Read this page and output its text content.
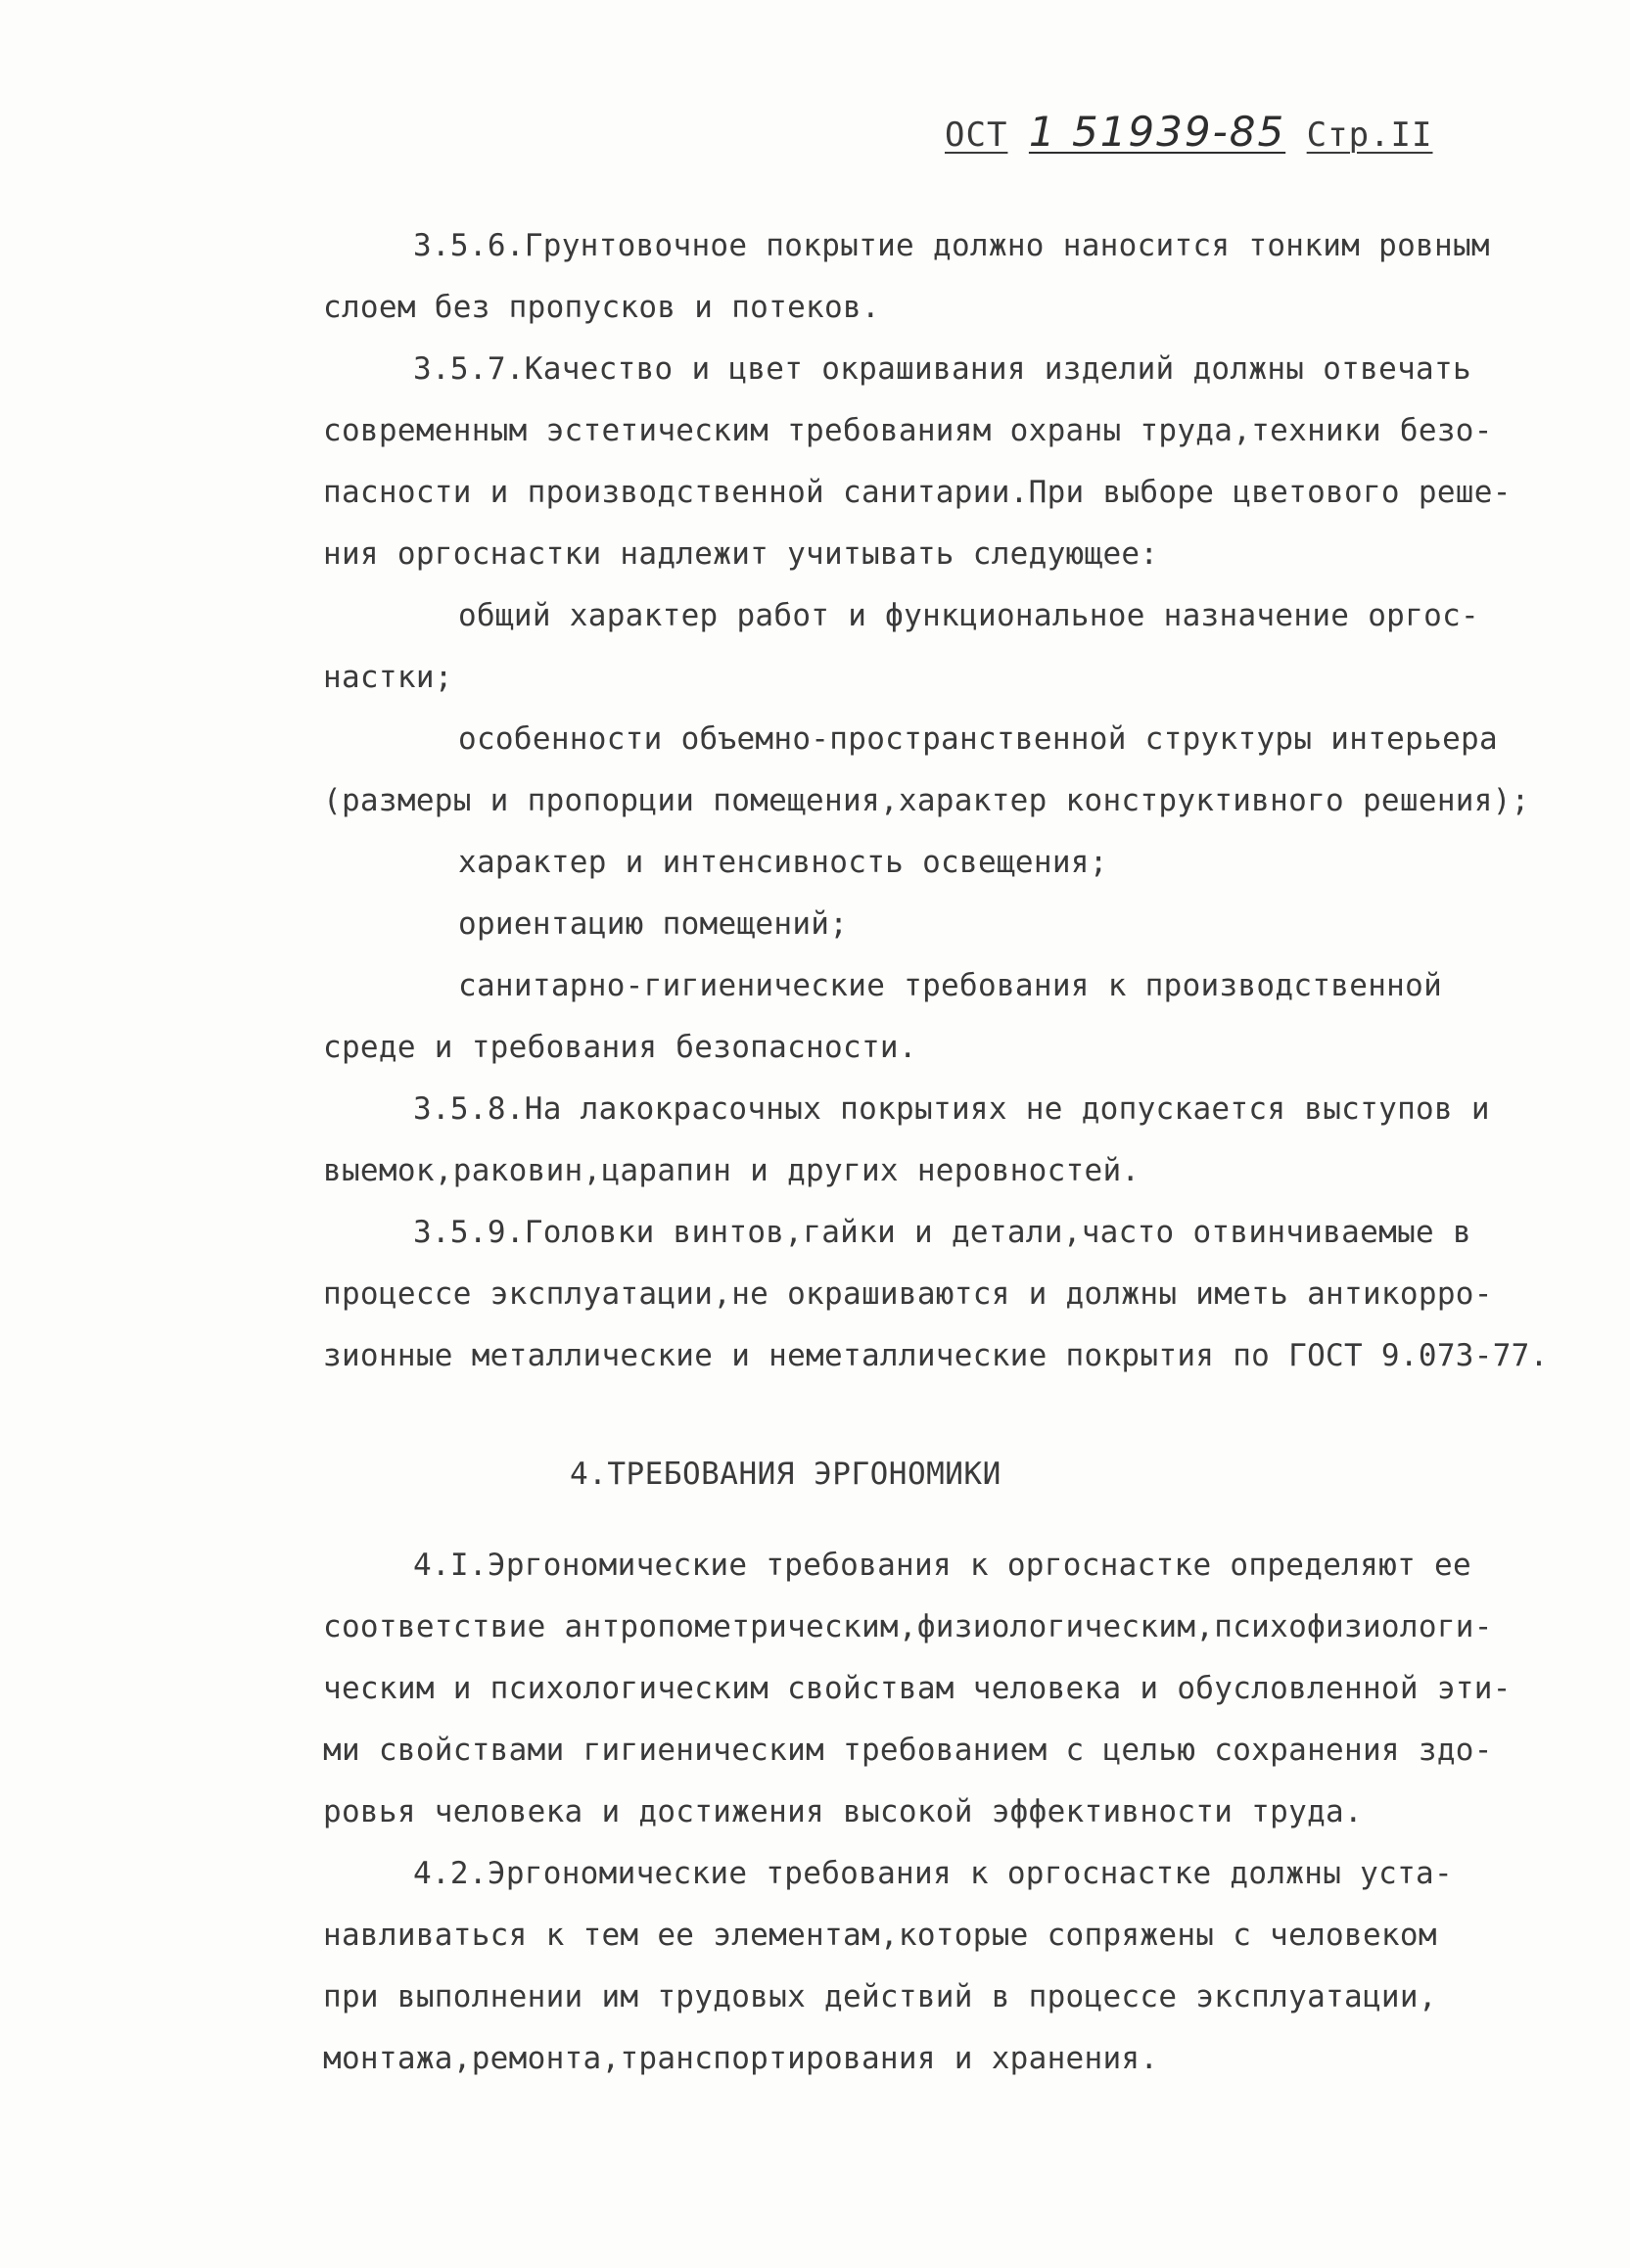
ОСТ 1 51939-85 Стр.II

3.5.6.Грунтовочное покрытие должно наносится тонким ровным

слоем без пропусков и потеков.

3.5.7.Качество и цвет окрашивания изделий должны отвечать

современным эстетическим требованиям охраны труда,техники безо-

пасности и производственной санитарии.При выборе цветового реше-

ния оргоснастки надлежит учитывать следующее:

общий характер работ и функциональное назначение оргос-

настки;

особенности объемно-пространственной структуры интерьера

(размеры и пропорции помещения,характер конструктивного решения);

характер и интенсивность освещения;

ориентацию помещений;

санитарно-гигиенические требования к производственной

среде и требования безопасности.

3.5.8.На лакокрасочных покрытиях не допускается выступов и

выемок,раковин,царапин и других неровностей.

3.5.9.Головки винтов,гайки и детали,часто отвинчиваемые в

процессе эксплуатации,не окрашиваются и должны иметь антикорро-

зионные металлические и неметаллические покрытия по ГОСТ 9.073-77.

4.ТРЕБОВАНИЯ ЭРГОНОМИКИ

4.I.Эргономические требования к оргоснастке определяют ее

соответствие антропометрическим,физиологическим,психофизиологи-

ческим и психологическим свойствам человека и обусловленной эти-

ми свойствами гигиеническим требованием с целью сохранения здо-

ровья человека и достижения высокой эффективности труда.

4.2.Эргономические требования к оргоснастке должны уста-

навливаться к тем ее элементам,которые сопряжены с человеком

при выполнении им трудовых действий в процессе эксплуатации,

монтажа,ремонта,транспортирования и хранения.
